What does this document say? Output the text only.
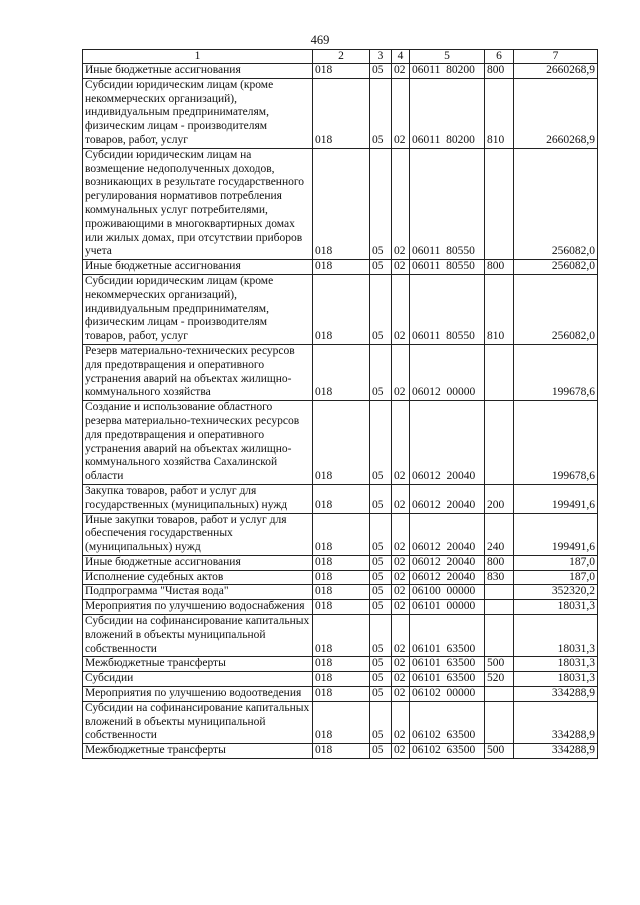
469
1	2	3	4	5	6	7
Иные бюджетные ассигнования	018	05	02	06011  80200	800	2660268,9
Субсидии юридическим лицам (кроме некоммерческих организаций), индивидуальным предпринимателям, физическим лицам - производителям товаров, работ, услуг	018	05	02	06011  80200	810	2660268,9
Субсидии юридическим лицам на возмещение недополученных доходов, возникающих в результате государственного регулирования нормативов потребления коммунальных услуг потребителями, проживающими в многоквартирных домах или жилых домах, при отсутствии приборов учета	018	05	02	06011  80550		256082,0
Иные бюджетные ассигнования	018	05	02	06011  80550	800	256082,0
Субсидии юридическим лицам (кроме некоммерческих организаций), индивидуальным предпринимателям, физическим лицам - производителям товаров, работ, услуг	018	05	02	06011  80550	810	256082,0
Резерв материально-технических ресурсов для предотвращения и оперативного устранения аварий на объектах жилищно-коммунального хозяйства	018	05	02	06012  00000		199678,6
Создание и использование областного резерва материально-технических ресурсов для предотвращения и оперативного устранения аварий на объектах жилищно-коммунального хозяйства Сахалинской области	018	05	02	06012  20040		199678,6
Закупка товаров, работ и услуг для государственных (муниципальных) нужд	018	05	02	06012  20040	200	199491,6
Иные закупки товаров, работ и услуг для обеспечения государственных (муниципальных) нужд	018	05	02	06012  20040	240	199491,6
Иные бюджетные ассигнования	018	05	02	06012  20040	800	187,0
Исполнение судебных актов	018	05	02	06012  20040	830	187,0
Подпрограмма "Чистая вода"	018	05	02	06100  00000		352320,2
Мероприятия по улучшению водоснабжения	018	05	02	06101  00000		18031,3
Субсидии на софинансирование капитальных вложений в объекты муниципальной собственности	018	05	02	06101  63500		18031,3
Межбюджетные трансферты	018	05	02	06101  63500	500	18031,3
Субсидии	018	05	02	06101  63500	520	18031,3
Мероприятия по улучшению водоотведения	018	05	02	06102  00000		334288,9
Субсидии на софинансирование капитальных вложений в объекты муниципальной собственности	018	05	02	06102  63500		334288,9
Межбюджетные трансферты	018	05	02	06102  63500	500	334288,9
